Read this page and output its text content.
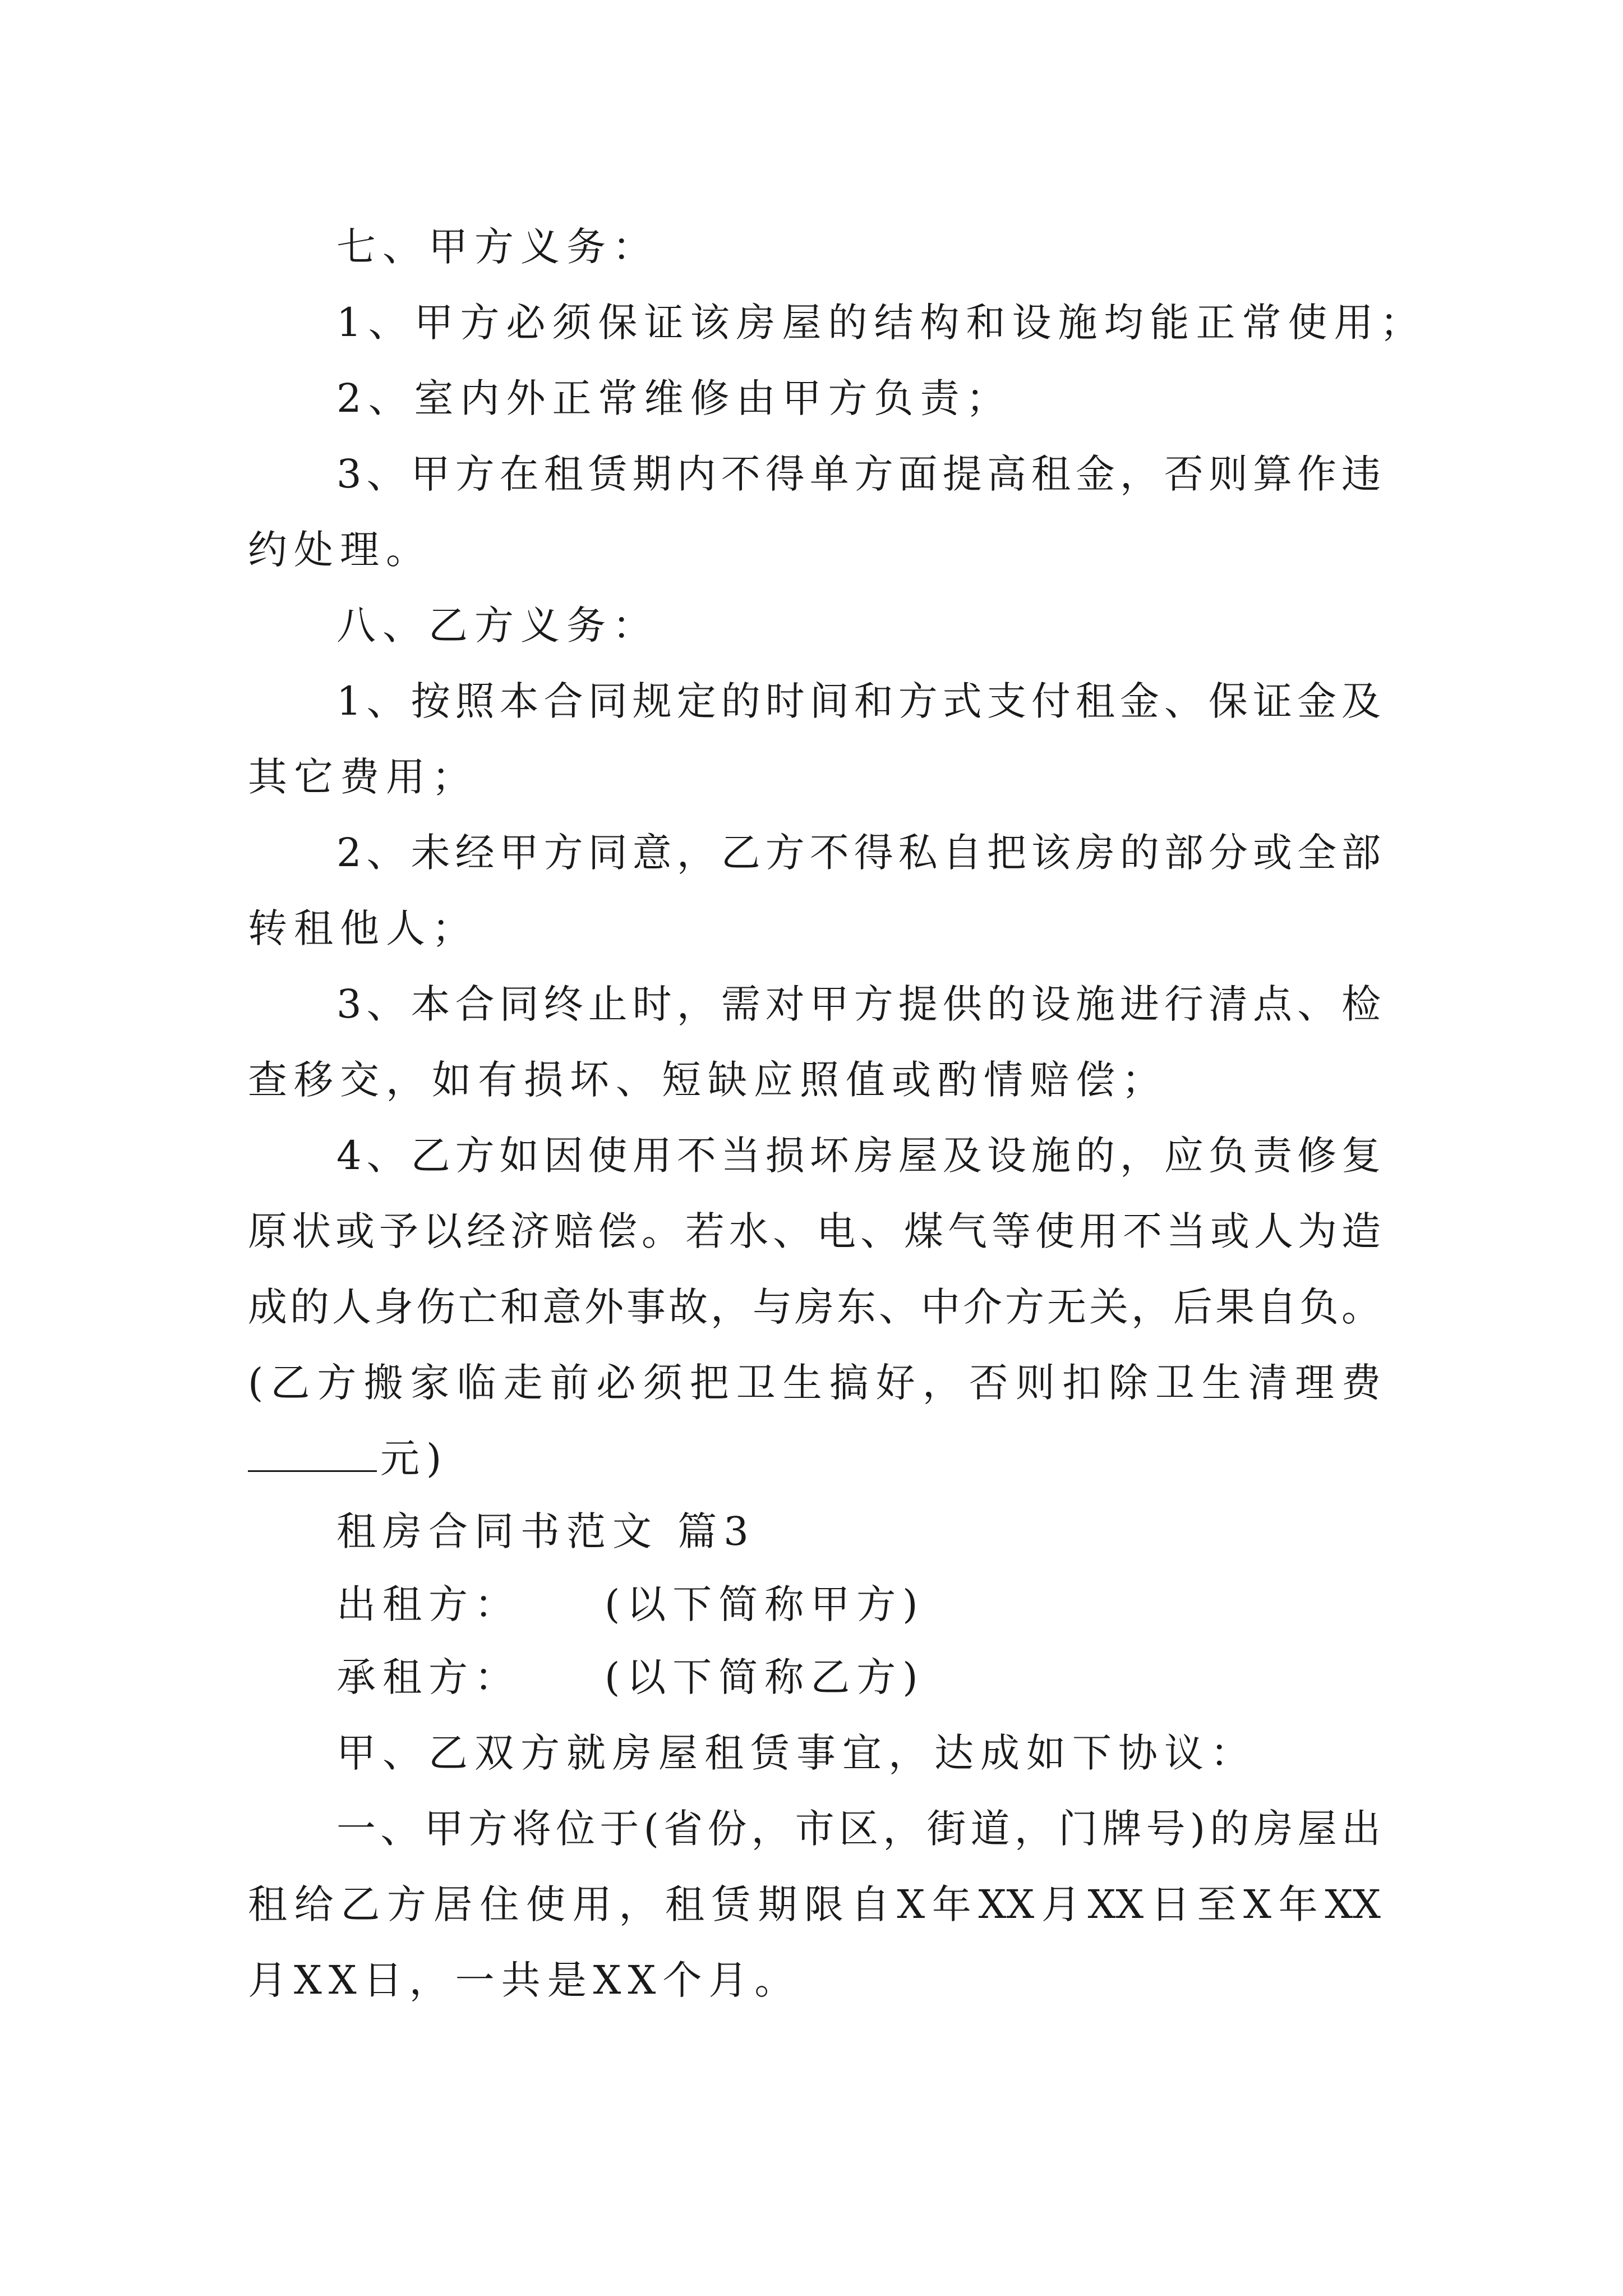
七、甲方义务：
1、甲方必须保证该房屋的结构和设施均能正常使用；
2、室内外正常维修由甲方负责；
3、甲方在租赁期内不得单方面提高租金，否则算作违
约处理。
八、乙方义务：
1、按照本合同规定的时间和方式支付租金、保证金及
其它费用；
2、未经甲方同意，乙方不得私自把该房的部分或全部
转租他人；
3、本合同终止时，需对甲方提供的设施进行清点、检
查移交，如有损坏、短缺应照值或酌情赔偿；
4、乙方如因使用不当损坏房屋及设施的，应负责修复
原状或予以经济赔偿。若水、电、煤气等使用不当或人为造
成的人身伤亡和意外事故，与房东、中介方无关，后果自负。
(乙方搬家临走前必须把卫生搞好，否则扣除卫生清理费
元)
租房合同书范文 篇3
出租方： (以下简称甲方)
承租方： (以下简称乙方)
甲、乙双方就房屋租赁事宜，达成如下协议：
一、甲方将位于(省份，市区，街道，门牌号)的房屋出
租给乙方居住使用，租赁期限自X年XX月XX日至X年XX
月XX日，一共是XX个月。
